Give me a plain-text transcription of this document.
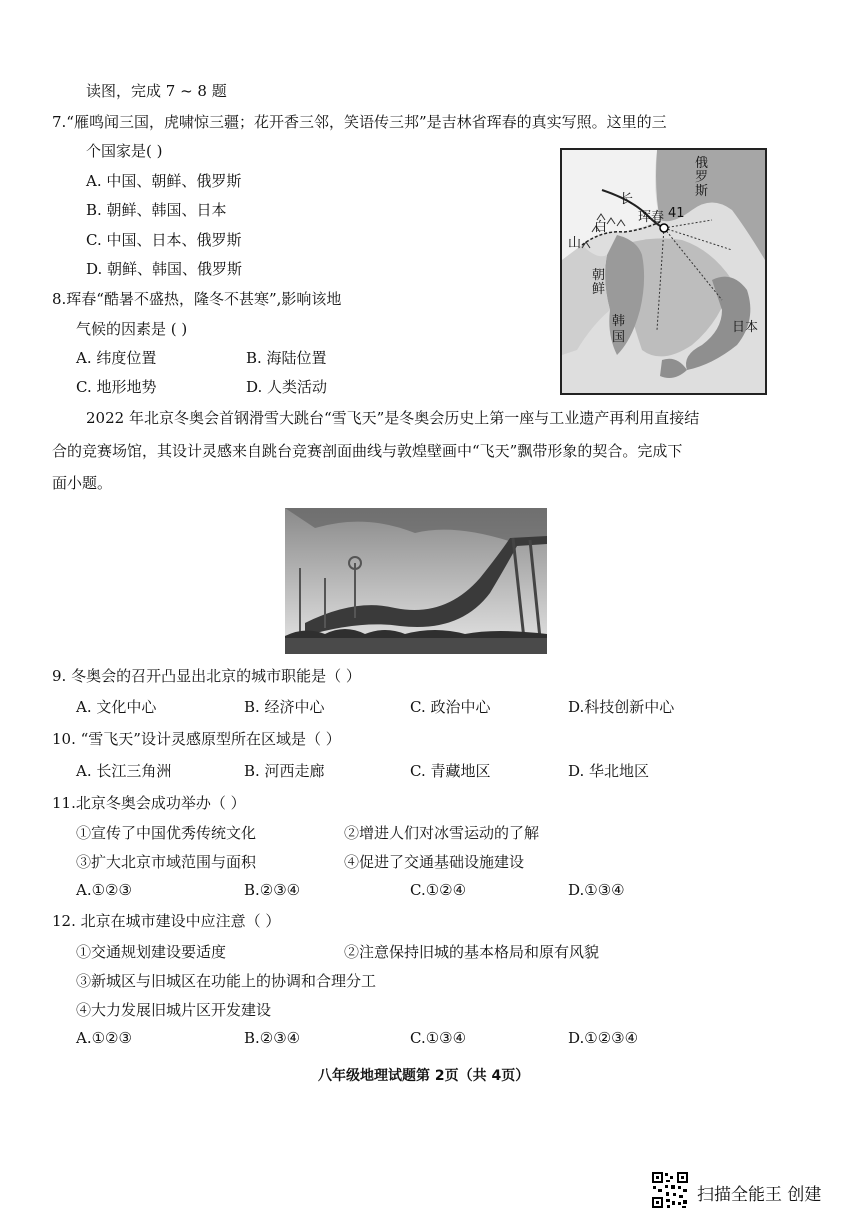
读图，完成 7 ~ 8 题
7.“雁鸣闻三国，虎啸惊三疆；花开香三邻，笑语传三邦”是吉林省珲春的真实写照。这里的三
个国家是( )
A. 中国、朝鲜、俄罗斯
B. 朝鲜、韩国、日本
C. 中国、日本、俄罗斯
D. 朝鲜、韩国、俄罗斯
8.珲春“酷暑不盛热，隆冬不甚寒”,影响该地
气候的因素是 ( )
A. 纬度位置	B. 海陆位置
C. 地形地势	D. 人类活动
俄
罗
斯
长
珲春 41
白
山
朝
鲜
韩
国
日本
2022 年北京冬奥会首钢滑雪大跳台“雪飞天”是冬奥会历史上第一座与工业遗产再利用直接结
合的竞赛场馆，其设计灵感来自跳台竞赛剖面曲线与敦煌壁画中“飞天”飘带形象的契合。完成下
面小题。
9. 冬奥会的召开凸显出北京的城市职能是（ ）
A. 文化中心	B. 经济中心	C. 政治中心	D.科技创新中心
10. “雪飞天”设计灵感原型所在区域是（ ）
A. 长江三角洲	B. 河西走廊	C. 青藏地区	D. 华北地区
11.北京冬奥会成功举办（ ）
①宣传了中国优秀传统文化	②增进人们对冰雪运动的了解
③扩大北京市域范围与面积	④促进了交通基础设施建设
A.①②③	B.②③④	C.①②④	D.①③④
12. 北京在城市建设中应注意（ ）
①交通规划建设要适度	②注意保持旧城的基本格局和原有风貌
③新城区与旧城区在功能上的协调和合理分工
④大力发展旧城片区开发建设
A.①②③	B.②③④	C.①③④	D.①②③④
八年级地理试题第 2页（共 4页）
扫描全能王 创建
